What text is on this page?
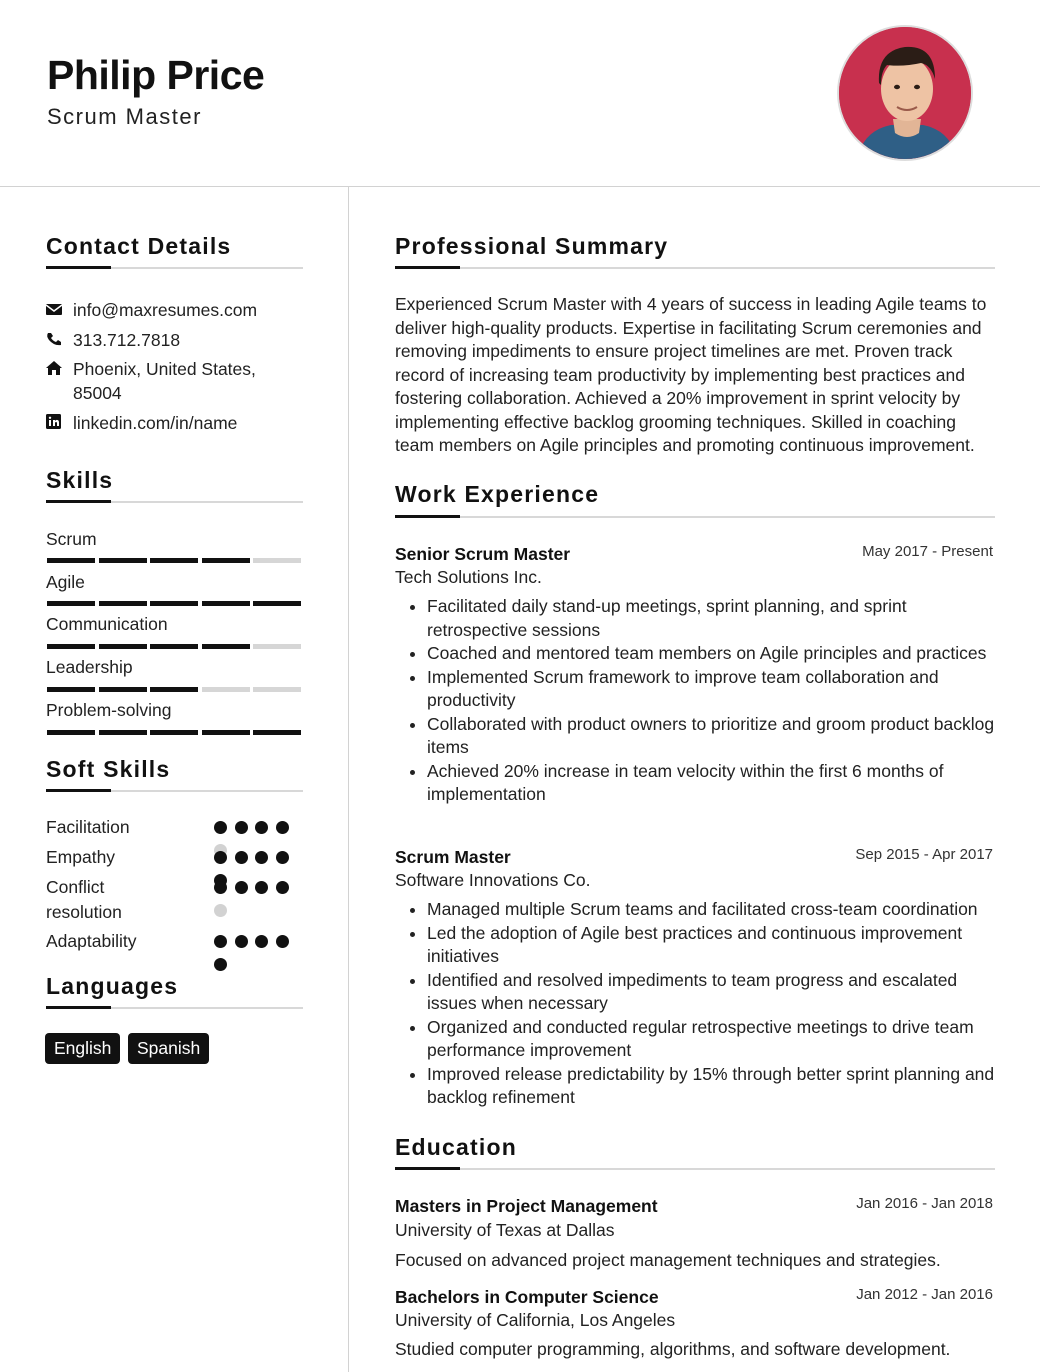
Philip Price
Scrum Master
Contact Details
info@maxresumes.com
313.712.7818
Phoenix, United States,
85004
linkedin.com/in/name
Skills
Scrum
Agile
Communication
Leadership
Problem-solving
Soft Skills
Facilitation
Empathy
Conflict
resolution
Adaptability
Languages
English	Spanish
Professional Summary
Experienced Scrum Master with 4 years of success in leading Agile teams to deliver high-quality products. Expertise in facilitating Scrum ceremonies and removing impediments to ensure project timelines are met. Proven track record of increasing team productivity by implementing best practices and fostering collaboration. Achieved a 20% improvement in sprint velocity by implementing effective backlog grooming techniques. Skilled in coaching team members on Agile principles and promoting continuous improvement.
Work Experience
Senior Scrum Master	May 2017 - Present
Tech Solutions Inc.
• Facilitated daily stand-up meetings, sprint planning, and sprint retrospective sessions
• Coached and mentored team members on Agile principles and practices
• Implemented Scrum framework to improve team collaboration and productivity
• Collaborated with product owners to prioritize and groom product backlog items
• Achieved 20% increase in team velocity within the first 6 months of implementation
Scrum Master	Sep 2015 - Apr 2017
Software Innovations Co.
• Managed multiple Scrum teams and facilitated cross-team coordination
• Led the adoption of Agile best practices and continuous improvement initiatives
• Identified and resolved impediments to team progress and escalated issues when necessary
• Organized and conducted regular retrospective meetings to drive team performance improvement
• Improved release predictability by 15% through better sprint planning and backlog refinement
Education
Masters in Project Management	Jan 2016 - Jan 2018
University of Texas at Dallas
Focused on advanced project management techniques and strategies.
Bachelors in Computer Science	Jan 2012 - Jan 2016
University of California, Los Angeles
Studied computer programming, algorithms, and software development.
